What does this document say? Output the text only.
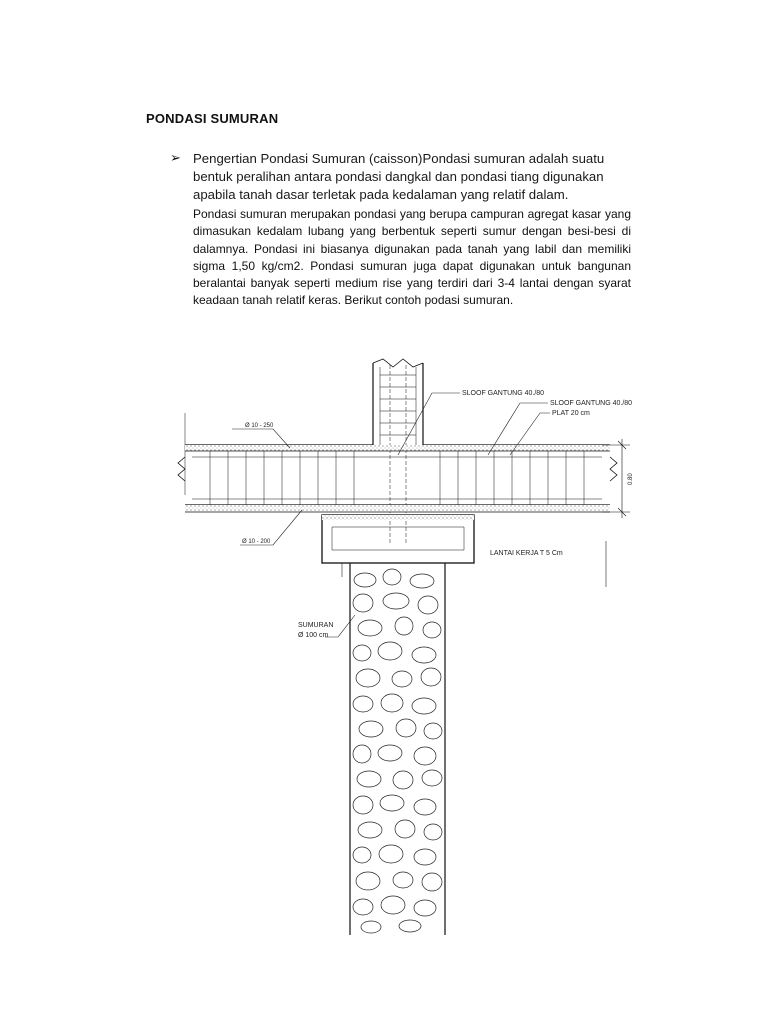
PONDASI SUMURAN
➢ Pengertian Pondasi Sumuran (caisson)Pondasi sumuran adalah suatu bentuk peralihan antara pondasi dangkal dan pondasi tiang digunakan apabila tanah dasar terletak pada kedalaman yang relatif dalam.
Pondasi sumuran merupakan pondasi yang berupa campuran agregat kasar yang dimasukan kedalam lubang yang berbentuk seperti sumur dengan besi-besi di dalamnya. Pondasi ini biasanya digunakan pada tanah yang labil dan memiliki sigma 1,50 kg/cm2. Pondasi sumuran juga dapat digunakan untuk bangunan beralantai banyak seperti medium rise yang terdiri dari 3-4 lantai dengan syarat keadaan tanah relatif keras. Berikut contoh podasi sumuran.
0.80
SLOOF GANTUNG 40./80
SLOOF GANTUNG 40./80
PLAT 20 cm
Ø 10 - 250
Ø 10 - 200
LANTAI KERJA T 5 Cm
SUMURAN
Ø 100 cm
